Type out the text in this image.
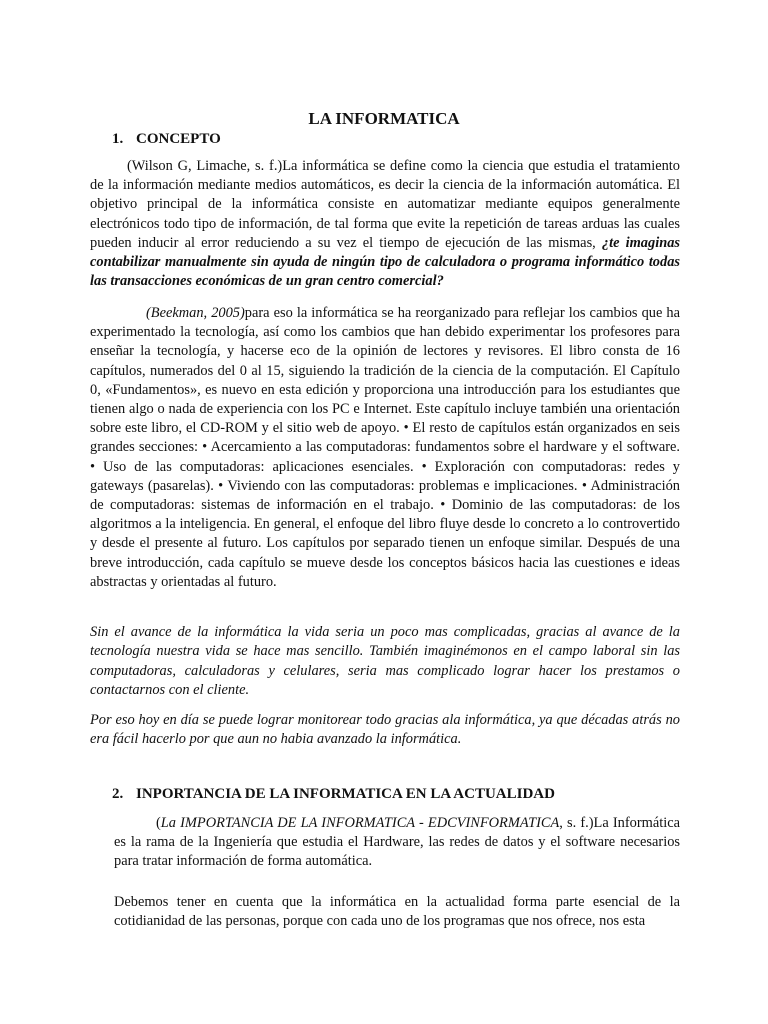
LA INFORMATICA
1. CONCEPTO
(Wilson G, Limache, s. f.)La informática se define como la ciencia que estudia el tratamiento de la información mediante medios automáticos, es decir la ciencia de la información automática. El objetivo principal de la informática consiste en automatizar mediante equipos generalmente electrónicos todo tipo de información, de tal forma que evite la repetición de tareas arduas las cuales pueden inducir al error reduciendo a su vez el tiempo de ejecución de las mismas, ¿te imaginas contabilizar manualmente sin ayuda de ningún tipo de calculadora o programa informático todas las transacciones económicas de un gran centro comercial?
(Beekman, 2005)para eso la informática se ha reorganizado para reflejar los cambios que ha experimentado la tecnología, así como los cambios que han debido experimentar los profesores para enseñar la tecnología, y hacerse eco de la opinión de lectores y revisores. El libro consta de 16 capítulos, numerados del 0 al 15, siguiendo la tradición de la ciencia de la computación. El Capítulo 0, «Fundamentos», es nuevo en esta edición y proporciona una introducción para los estudiantes que tienen algo o nada de experiencia con los PC e Internet. Este capítulo incluye también una orientación sobre este libro, el CD-ROM y el sitio web de apoyo. • El resto de capítulos están organizados en seis grandes secciones: • Acercamiento a las computadoras: fundamentos sobre el hardware y el software. • Uso de las computadoras: aplicaciones esenciales. • Exploración con computadoras: redes y gateways (pasarelas). • Viviendo con las computadoras: problemas e implicaciones. • Administración de computadoras: sistemas de información en el trabajo. • Dominio de las computadoras: de los algoritmos a la inteligencia. En general, el enfoque del libro fluye desde lo concreto a lo controvertido y desde el presente al futuro. Los capítulos por separado tienen un enfoque similar. Después de una breve introducción, cada capítulo se mueve desde los conceptos básicos hacia las cuestiones e ideas abstractas y orientadas al futuro.
Sin el avance de la informática la vida seria un poco mas complicadas, gracias al avance de la tecnología nuestra vida se hace mas sencillo. También imaginémonos en el campo laboral sin las computadoras, calculadoras y celulares, seria mas complicado lograr hacer los prestamos o contactarnos con el cliente.
Por eso hoy en día se puede lograr monitorear todo gracias ala informática, ya que décadas atrás no era fácil hacerlo por que aun no habia avanzado la informática.
2. INPORTANCIA DE LA INFORMATICA EN LA ACTUALIDAD
(La IMPORTANCIA DE LA INFORMATICA - EDCVINFORMATICA, s. f.)La Informática es la rama de la Ingeniería que estudia el Hardware, las redes de datos y el software necesarios para tratar información de forma automática.
Debemos tener en cuenta que la informática en la actualidad forma parte esencial de la cotidianidad de las personas, porque con cada uno de los programas que nos ofrece, nos esta
